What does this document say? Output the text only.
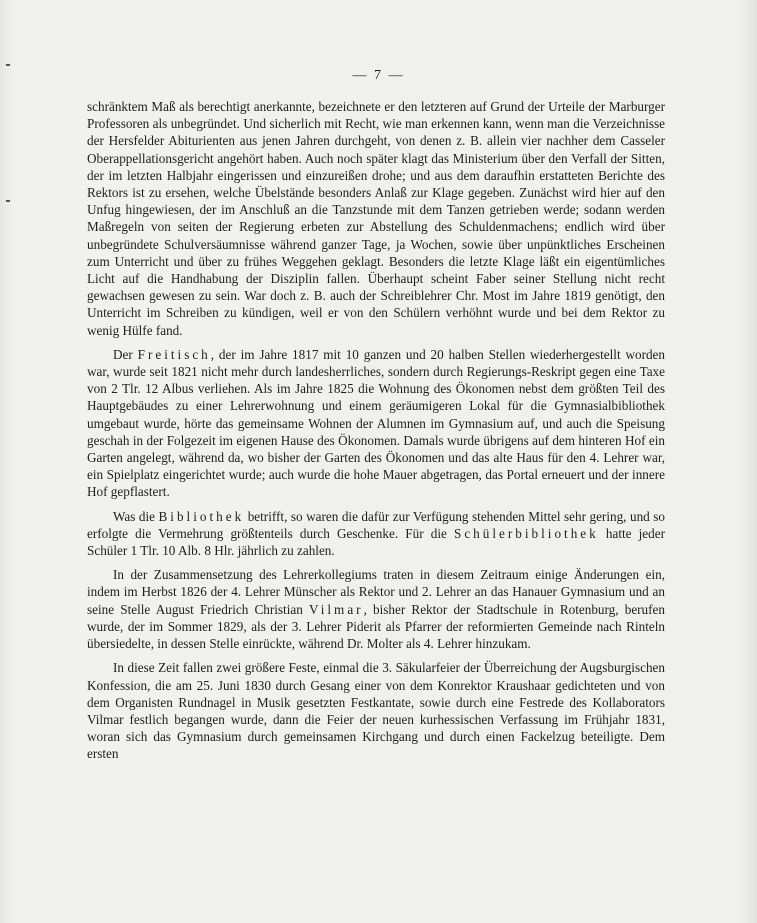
— 7 —

schränktem Maß als berechtigt anerkannte, bezeichnete er den letzteren auf Grund der Urteile der Marburger Professoren als unbegründet. Und sicherlich mit Recht, wie man erkennen kann, wenn man die Verzeichnisse der Hersfelder Abiturienten aus jenen Jahren durchgeht, von denen z. B. allein vier nachher dem Casseler Oberappellationsgericht angehört haben. Auch noch später klagt das Ministerium über den Verfall der Sitten, der im letzten Halbjahr eingerissen und einzureißen drohe; und aus dem daraufhin erstatteten Berichte des Rektors ist zu ersehen, welche Übelstände besonders Anlaß zur Klage gegeben. Zunächst wird hier auf den Unfug hingewiesen, der im Anschluß an die Tanzstunde mit dem Tanzen getrieben werde; sodann werden Maßregeln von seiten der Regierung erbeten zur Abstellung des Schuldenmachens; endlich wird über unbegründete Schulversäumnisse während ganzer Tage, ja Wochen, sowie über unpünktliches Erscheinen zum Unterricht und über zu frühes Weggehen geklagt. Besonders die letzte Klage läßt ein eigentümliches Licht auf die Handhabung der Disziplin fallen. Überhaupt scheint Faber seiner Stellung nicht recht gewachsen gewesen zu sein. War doch z. B. auch der Schreiblehrer Chr. Most im Jahre 1819 genötigt, den Unterricht im Schreiben zu kündigen, weil er von den Schülern verhöhnt wurde und bei dem Rektor zu wenig Hülfe fand.

Der Freitisch, der im Jahre 1817 mit 10 ganzen und 20 halben Stellen wiederhergestellt worden war, wurde seit 1821 nicht mehr durch landesherrliches, sondern durch Regierungs-Reskript gegen eine Taxe von 2 Tlr. 12 Albus verliehen. Als im Jahre 1825 die Wohnung des Ökonomen nebst dem größten Teil des Hauptgebäudes zu einer Lehrerwohnung und einem geräumigeren Lokal für die Gymnasialbibliothek umgebaut wurde, hörte das gemeinsame Wohnen der Alumnen im Gymnasium auf, und auch die Speisung geschah in der Folgezeit im eigenen Hause des Ökonomen. Damals wurde übrigens auf dem hinteren Hof ein Garten angelegt, während da, wo bisher der Garten des Ökonomen und das alte Haus für den 4. Lehrer war, ein Spielplatz eingerichtet wurde; auch wurde die hohe Mauer abgetragen, das Portal erneuert und der innere Hof gepflastert.

Was die Bibliothek betrifft, so waren die dafür zur Verfügung stehenden Mittel sehr gering, und so erfolgte die Vermehrung größtenteils durch Geschenke. Für die Schülerbibliothek hatte jeder Schüler 1 Tlr. 10 Alb. 8 Hlr. jährlich zu zahlen.

In der Zusammensetzung des Lehrerkollegiums traten in diesem Zeitraum einige Änderungen ein, indem im Herbst 1826 der 4. Lehrer Münscher als Rektor und 2. Lehrer an das Hanauer Gymnasium und an seine Stelle August Friedrich Christian Vilmar, bisher Rektor der Stadtschule in Rotenburg, berufen wurde, der im Sommer 1829, als der 3. Lehrer Piderit als Pfarrer der reformierten Gemeinde nach Rinteln übersiedelte, in dessen Stelle einrückte, während Dr. Molter als 4. Lehrer hinzukam.

In diese Zeit fallen zwei größere Feste, einmal die 3. Säkularfeier der Überreichung der Augsburgischen Konfession, die am 25. Juni 1830 durch Gesang einer von dem Konrektor Kraushaar gedichteten und von dem Organisten Rundnagel in Musik gesetzten Festkantate, sowie durch eine Festrede des Kollaborators Vilmar festlich begangen wurde, dann die Feier der neuen kurhessischen Verfassung im Frühjahr 1831, woran sich das Gymnasium durch gemeinsamen Kirchgang und durch einen Fackelzug beteiligte. Dem ersten
